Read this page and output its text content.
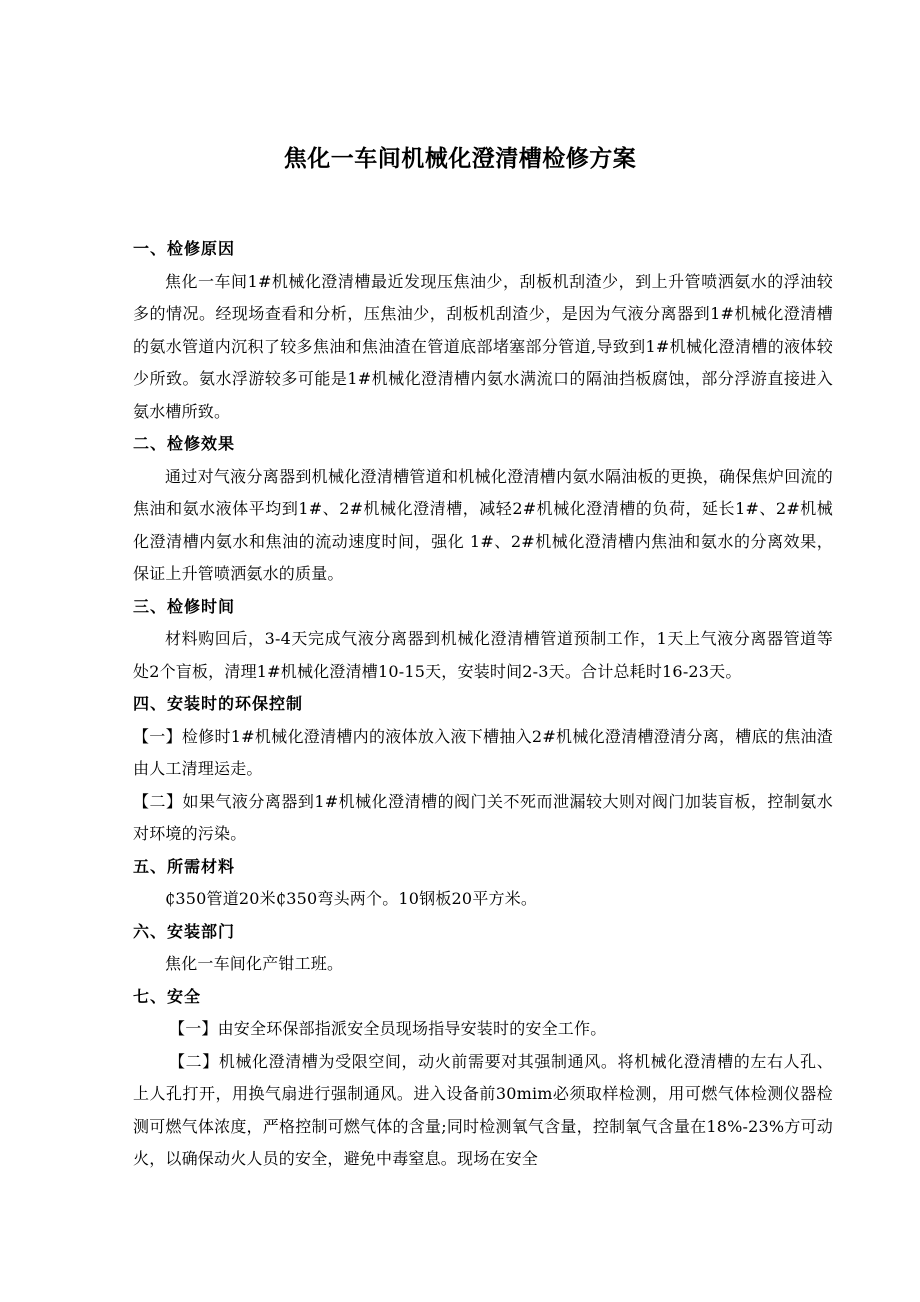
焦化一车间机械化澄清槽检修方案
一、检修原因

焦化一车间1#机械化澄清槽最近发现压焦油少，刮板机刮渣少，到上升管喷洒氨水的浮油较多的情况。经现场查看和分析，压焦油少，刮板机刮渣少，是因为气液分离器到1#机械化澄清槽的氨水管道内沉积了较多焦油和焦油渣在管道底部堵塞部分管道,导致到1#机械化澄清槽的液体较少所致。氨水浮游较多可能是1#机械化澄清槽内氨水满流口的隔油挡板腐蚀，部分浮游直接进入氨水槽所致。

二、检修效果

通过对气液分离器到机械化澄清槽管道和机械化澄清槽内氨水隔油板的更换，确保焦炉回流的焦油和氨水液体平均到1#、2#机械化澄清槽，减轻2#机械化澄清槽的负荷，延长1#、2#机械化澄清槽内氨水和焦油的流动速度时间，强化 1#、2#机械化澄清槽内焦油和氨水的分离效果，保证上升管喷洒氨水的质量。

三、检修时间

材料购回后，3-4天完成气液分离器到机械化澄清槽管道预制工作，1天上气液分离器管道等处2个盲板，清理1#机械化澄清槽10-15天，安装时间2-3天。合计总耗时16-23天。

四、安装时的环保控制

【一】检修时1#机械化澄清槽内的液体放入液下槽抽入2#机械化澄清槽澄清分离，槽底的焦油渣由人工清理运走。

【二】如果气液分离器到1#机械化澄清槽的阀门关不死而泄漏较大则对阀门加装盲板，控制氨水对环境的污染。

五、所需材料

₵350管道20米₵350弯头两个。10钢板20平方米。

六、安装部门

焦化一车间化产钳工班。

七、安全

【一】由安全环保部指派安全员现场指导安装时的安全工作。

【二】机械化澄清槽为受限空间，动火前需要对其强制通风。将机械化澄清槽的左右人孔、上人孔打开，用换气扇进行强制通风。进入设备前30mim必须取样检测，用可燃气体检测仪器检测可燃气体浓度，严格控制可燃气体的含量;同时检测氧气含量，控制氧气含量在18%-23%方可动火，以确保动火人员的安全，避免中毒窒息。现场在安全
